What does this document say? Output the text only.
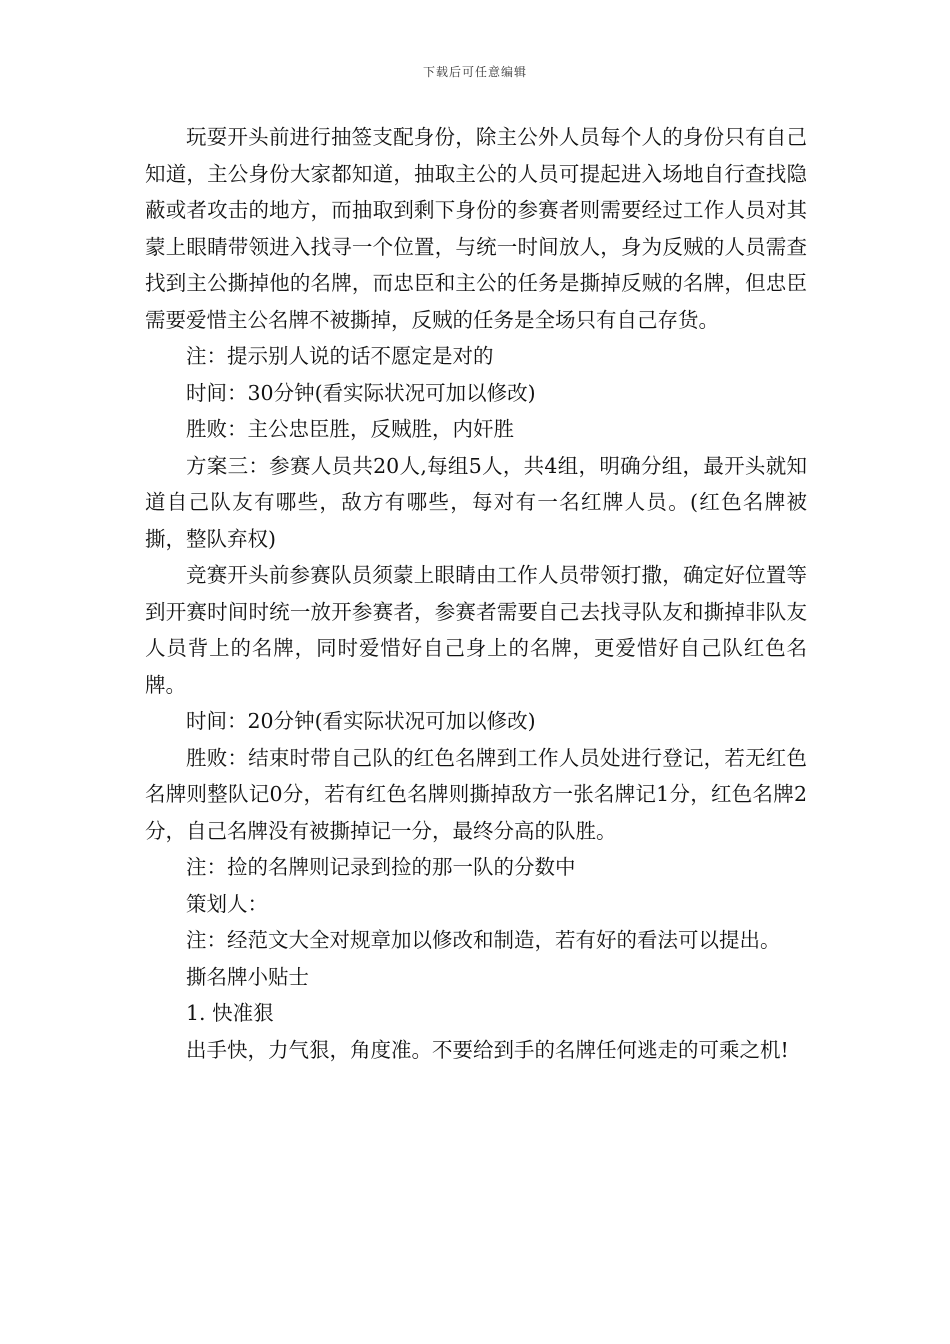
下载后可任意编辑

玩耍开头前进行抽签支配身份，除主公外人员每个人的身份只有自己知道，主公身份大家都知道，抽取主公的人员可提起进入场地自行查找隐蔽或者攻击的地方，而抽取到剩下身份的参赛者则需要经过工作人员对其蒙上眼睛带领进入找寻一个位置，与统一时间放人，身为反贼的人员需查找到主公撕掉他的名牌，而忠臣和主公的任务是撕掉反贼的名牌，但忠臣需要爱惜主公名牌不被撕掉，反贼的任务是全场只有自己存货。

注：提示别人说的话不愿定是对的

时间：30分钟(看实际状况可加以修改)

胜败：主公忠臣胜，反贼胜，内奸胜

方案三：参赛人员共20人,每组5人，共4组，明确分组，最开头就知道自己队友有哪些，敌方有哪些，每对有一名红牌人员。(红色名牌被撕，整队弃权)

竞赛开头前参赛队员须蒙上眼睛由工作人员带领打撒，确定好位置等到开赛时间时统一放开参赛者，参赛者需要自己去找寻队友和撕掉非队友人员背上的名牌，同时爱惜好自己身上的名牌，更爱惜好自己队红色名牌。

时间：20分钟(看实际状况可加以修改)

胜败：结束时带自己队的红色名牌到工作人员处进行登记，若无红色名牌则整队记0分，若有红色名牌则撕掉敌方一张名牌记1分，红色名牌2分，自己名牌没有被撕掉记一分，最终分高的队胜。

注：捡的名牌则记录到捡的那一队的分数中

策划人：

注：经范文大全对规章加以修改和制造，若有好的看法可以提出。

撕名牌小贴士

1. 快准狠

出手快，力气狠，角度准。不要给到手的名牌任何逃走的可乘之机!
